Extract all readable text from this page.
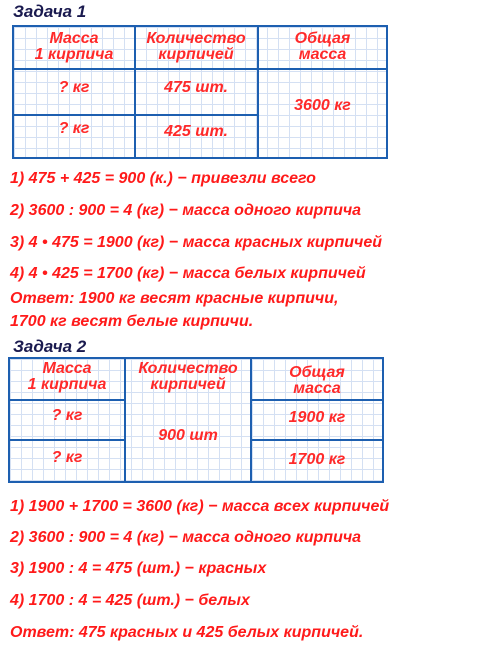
Задача 1
Масса
1 кирпича
Количество
кирпичей
Общая
масса
? кг	475 шт.
? кг	425 шт.
3600 кг
1) 475 + 425 = 900 (к.) − привезли всего
2) 3600 : 900 = 4 (кг) − масса одного кирпича
3) 4 • 475 = 1900 (кг) − масса красных кирпичей
4) 4 • 425 = 1700 (кг) − масса белых кирпичей
Ответ: 1900 кг весят красные кирпичи,
1700 кг весят белые кирпичи.
Задача 2
Масса
1 кирпича
Количество
кирпичей
Общая
масса
? кг
? кг
900 шт
1900 кг
1700 кг
1) 1900 + 1700 = 3600 (кг) − масса всех кирпичей
2) 3600 : 900 = 4 (кг) − масса одного кирпича
3) 1900 : 4 = 475 (шт.) − красных
4) 1700 : 4 = 425 (шт.) − белых
Ответ: 475 красных и 425 белых кирпичей.
